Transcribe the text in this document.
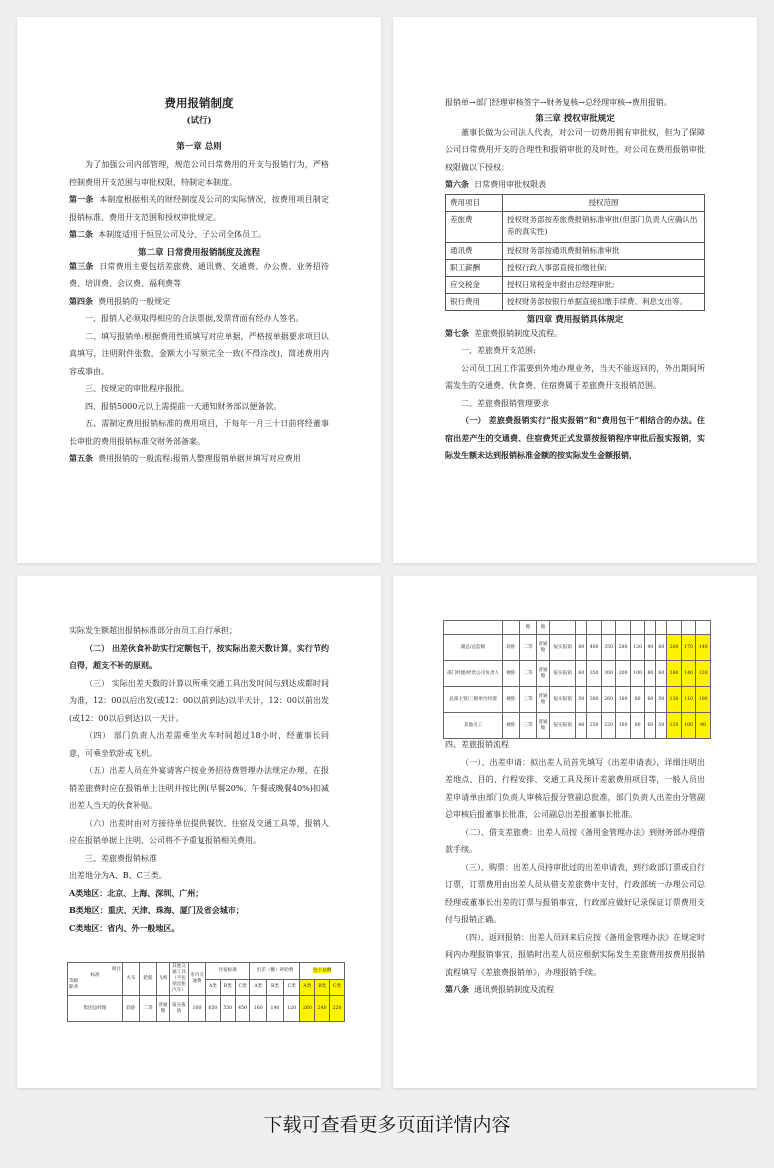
费用报销制度

(试行)

第一章 总则

为了加强公司内部管理，规范公司日常费用的开支与报销行为，严格控制费用开支范围与审批权限，特制定本制度。

第一条 本制度根据相关的财经制度及公司的实际情况，按费用项目制定报销标准、费用开支范围和授权审批规定。

第二条 本制度适用于恒昱公司及分、子公司全体员工。

第二章 日常费用报销制度及流程

第三条 日常费用主要包括差旅费、通讯费、交通费、办公费、业务招待费、培训费、会议费、福利费等

第四条 费用报销的一般规定

一、报销人必须取得相应的合法票据,发票背面有经办人签名。

二、填写报销单:根据费用性质填写对应单据，严格按单据要求项目认真填写，注明附件张数，金额大小写须完全一致(不得涂改)，简述费用内容或事由。

三、按规定的审批程序报批。

四、报销5000元以上需提前一天通知财务部以便备款。

五、需制定费用报销标准的费用项目，于每年一月三十日前将经董事长审批的费用报销标准交财务部备案。

第五条 费用报销的一般流程:报销人整理报销单据并填写对应费用

报销单→部门经理审核签字→财务复核→总经理审核→费用报销。

第三章 授权审批规定

董事长做为公司法人代表，对公司一切费用拥有审批权，但为了保障公司日常费用开支的合理性和报销审批的及时性，对公司在费用报销审批权限做以下授权：

第六条 日常费用审批权限表

费用项目	授权范围
差旅费	授权财务部按差旅费报销标准审批(但部门负责人应确认出差的真实性)
通讯费	授权财务部按通讯费报销标准审批
职工薪酬	授权行政人事部直接扣缴社保;
应交税金	授权日常税金申报由总经理审批;
银行费用	授权财务部按银行单据直接扣缴手续费、利息支出等。

第四章 费用报销具体规定

第七条 差旅费报销制度及流程。

一、差旅费开支范围:

公司员工因工作需要到外地办理业务，当天不能返回的，外出期间所需发生的交通费、伙食费、住宿费属于差旅费开支报销范围。

二、差旅费报销管理要求

（一） 差旅费报销实行“报实报销”和“费用包干”相结合的办法。住宿出差产生的交通费、住宿费凭正式发票按报销程序审批后报实报销，实际发生额未达到报销标准金额的按实际发生金额报销，

实际发生额超出报销标准部分由员工自行承担；

（二） 出差伙食补助实行定额包干，按实际出差天数计算，实行节约自得，超支不补的原则。

（三） 实际出差天数的计算以所乘交通工具出发时间与到达成都时间为准，12：00以后出发(或12：00以前到达)以半天计，12：00以前出发(或12：00以后到达)以一天计。

（四） 部门负责人出差需乘坐火车时间超过18小时，经董事长同意，可乘坐软卧或飞机。

（五）出差人员在外宴请客户按业务招待费管理办法规定办理，在报销差旅费时应在报销单上注明并按比例(早餐20%、午餐或晚餐40%)扣减出差人当天的伙食补贴。

（六）出差时由对方接待单位提供餐饮、住宿及交通工具等，报销人应在报销单据上注明，公司将不予重复报销相关费用。

三、差旅费报销标准

出差地分为A、B、C三类。

A类地区：北京、上海、深圳、广州；

B类地区：重庆、天津、珠海、厦门及省会城市；

C类地区：省内、外一般地区。

项目
标准
等级
职务	火车	轮船	飞机	其他交通工具（不包括出租汽车）	市内交通费	住宿标准			出差（餐）补助费			包干总额		
						A类	B类	C类	A类	B类	C类	A类	B类	C类
集团总经理	软卧	二等	普通舱	报实报销	100	650	550	450	160	140	120	260	240	220
		舱	舱											
副总/总监级	软卧	二等	普通舱	报实报销	80	400	350	280	120	90	60	200	170	140
部门经理/经营公司负责人	硬卧	二等	普通舱	报实报销	60	350	300	200	100	80	60	160	140	120
总部主管/三级单位经理	硬卧	三等	普通舱	报实报销	50	300	260	180	80	60	50	130	110	100
其他员工	硬卧	三等	普通舱	报实报销	40	250	220	160	80	60	50	120	100	90

四、差旅报销流程

（一）、出差申请：拟出差人员首先填写《出差申请表》，详细注明出差地点、目的、行程安排、交通工具及预计差旅费用项目等，一般人员出差申请单由部门负责人审核后报分管副总批准，部门负责人出差由分管副总审核后报董事长批准，公司副总出差报董事长批准。

（二）、借支差旅费：出差人员按《备用金管理办法》到财务部办理借款手续。

（三）、购票：出差人员持审批过的出差申请表，到行政部订票或自行订票，订票费用由出差人员从借支差旅费中支付，行政部统一办理公司总经理或董事长出差的订票与报销事宜，行政部应做好记录保证订票费用支付与报销正确。

（四）、返回报销：出差人员回来后应按《备用金管理办法》在规定时间内办理报销事宜，报销时出差人员应根据实际发生差旅费用按费用报销流程填写《差旅费报销单》，办理报销手续。

第八条 通讯费报销制度及流程

下载可查看更多页面详情内容
